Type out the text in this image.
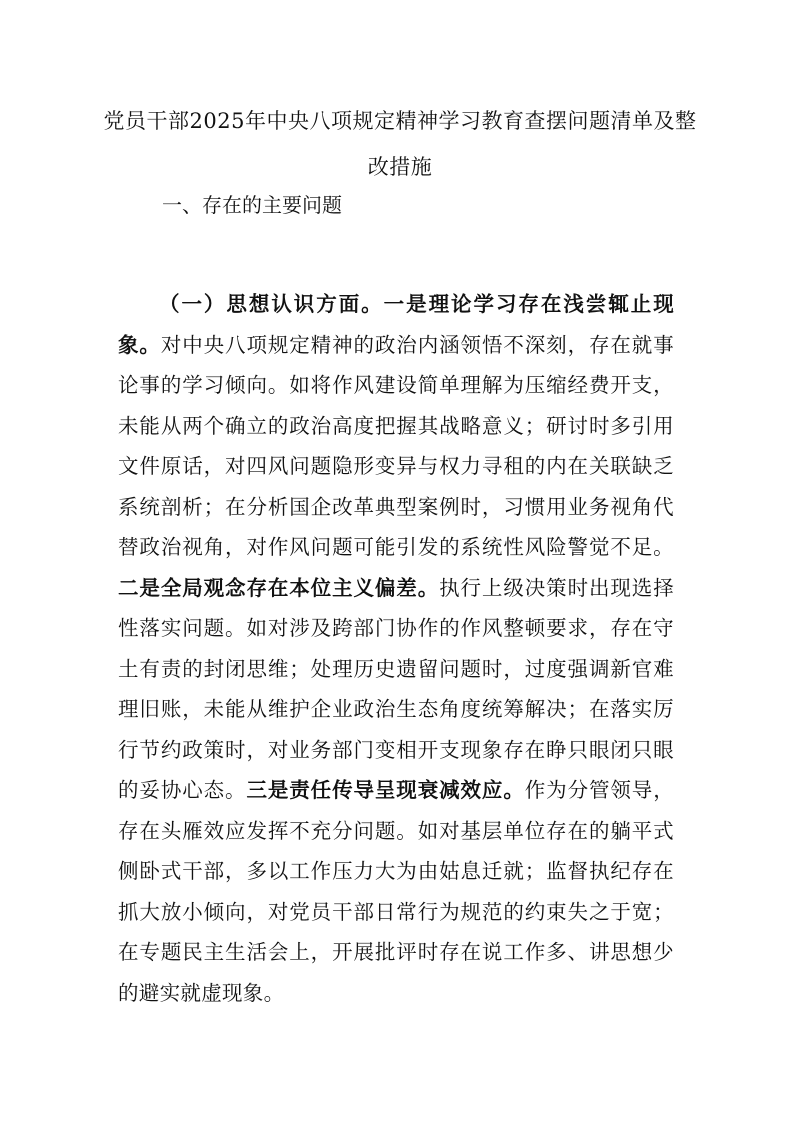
党员干部2025年中央八项规定精神学习教育查摆问题清单及整改措施
一、存在的主要问题

（一）思想认识方面。一是理论学习存在浅尝辄止现象。对中央八项规定精神的政治内涵领悟不深刻，存在就事论事的学习倾向。如将作风建设简单理解为压缩经费开支，未能从两个确立的政治高度把握其战略意义；研讨时多引用文件原话，对四风问题隐形变异与权力寻租的内在关联缺乏系统剖析；在分析国企改革典型案例时，习惯用业务视角代替政治视角，对作风问题可能引发的系统性风险警觉不足。二是全局观念存在本位主义偏差。执行上级决策时出现选择性落实问题。如对涉及跨部门协作的作风整顿要求，存在守土有责的封闭思维；处理历史遗留问题时，过度强调新官难理旧账，未能从维护企业政治生态角度统筹解决；在落实厉行节约政策时，对业务部门变相开支现象存在睁只眼闭只眼的妥协心态。三是责任传导呈现衰减效应。作为分管领导，存在头雁效应发挥不充分问题。如对基层单位存在的躺平式侧卧式干部，多以工作压力大为由姑息迁就；监督执纪存在抓大放小倾向，对党员干部日常行为规范的约束失之于宽；在专题民主生活会上，开展批评时存在说工作多、讲思想少的避实就虚现象。
